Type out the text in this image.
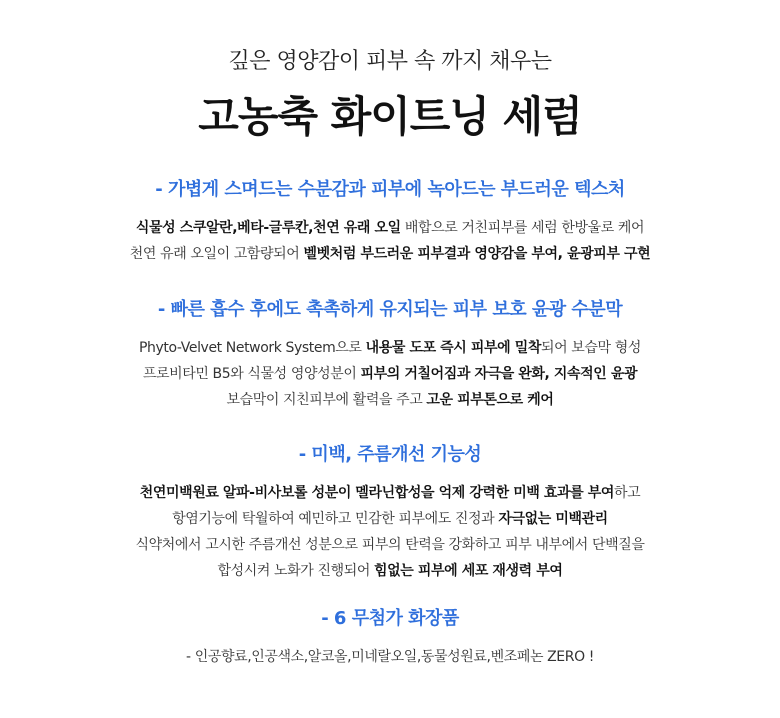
깊은 영양감이 피부 속 까지 채우는
고농축 화이트닝 세럼
- 가볍게 스며드는 수분감과 피부에 녹아드는 부드러운 텍스처
식물성 스쿠알란,베타-글루칸,천연 유래 오일 배합으로 거친피부를 세럼 한방울로 케어
천연 유래 오일이 고함량되어 벨벳처럼 부드러운 피부결과 영양감을 부여, 윤광피부 구현
- 빠른 흡수 후에도 촉촉하게 유지되는 피부 보호 윤광 수분막
Phyto-Velvet Network System으로 내용물 도포 즉시 피부에 밀착되어 보습막 형성
프로비타민 B5와 식물성 영양성분이 피부의 거칠어짐과 자극을 완화, 지속적인 윤광
보습막이 지친피부에 활력을 주고 고운 피부톤으로 케어
- 미백, 주름개선 기능성
천연미백원료 알파-비사보롤 성분이 멜라닌합성을 억제 강력한 미백 효과를 부여하고
항염기능에 탁월하여 예민하고 민감한 피부에도 진정과 자극없는 미백관리
식약처에서 고시한 주름개선 성분으로 피부의 탄력을 강화하고 피부 내부에서 단백질을
합성시켜 노화가 진행되어 힘없는 피부에 세포 재생력 부여
- 6 무첨가 화장품
- 인공향료,인공색소,알코올,미네랄오일,동물성원료,벤조페논 ZERO !
